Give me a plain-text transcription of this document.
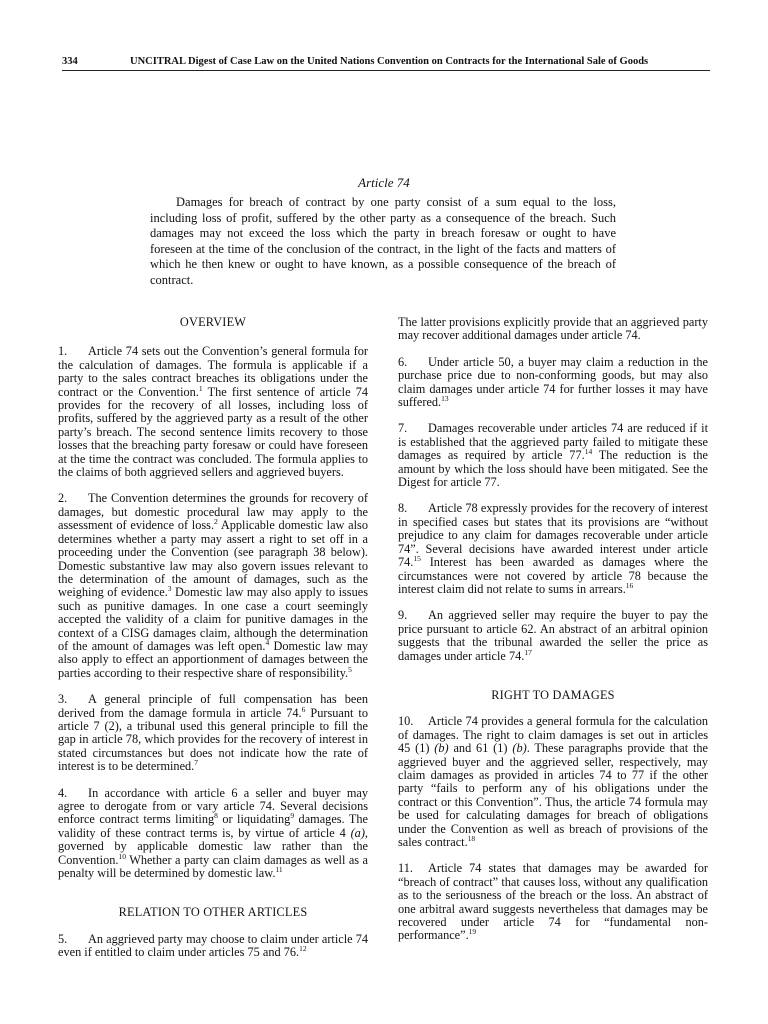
334	UNCITRAL Digest of Case Law on the United Nations Convention on Contracts for the International Sale of Goods
Article 74

Damages for breach of contract by one party consist of a sum equal to the loss, including loss of profit, suffered by the other party as a consequence of the breach. Such damages may not exceed the loss which the party in breach foresaw or ought to have foreseen at the time of the conclusion of the contract, in the light of the facts and matters of which he then knew or ought to have known, as a possible consequence of the breach of contract.

OVERVIEW

1. Article 74 sets out the Convention’s general formula for the calculation of damages. The formula is applicable if a party to the sales contract breaches its obligations under the contract or the Convention.$^1$ The first sentence of article 74 provides for the recovery of all losses, including loss of profits, suffered by the aggrieved party as a result of the other party’s breach. The second sentence limits recovery to those losses that the breaching party foresaw or could have foreseen at the time the contract was concluded. The formula applies to the claims of both aggrieved sellers and aggrieved buyers.

2. The Convention determines the grounds for recovery of damages, but domestic procedural law may apply to the assessment of evidence of loss.$^2$ Applicable domestic law also determines whether a party may assert a right to set off in a proceeding under the Convention (see paragraph 38 below). Domestic substantive law may also govern issues relevant to the determination of the amount of damages, such as the weighing of evidence.$^3$ Domestic law may also apply to issues such as punitive damages. In one case a court seemingly accepted the validity of a claim for punitive damages in the context of a CISG damages claim, although the determination of the amount of damages was left open.$^4$ Domestic law may also apply to effect an apportionment of damages between the parties according to their respective share of responsibility.$^5$

3. A general principle of full compensation has been derived from the damage formula in article 74.$^6$ Pursuant to article 7 (2), a tribunal used this general principle to fill the gap in article 78, which provides for the recovery of interest in stated circumstances but does not indicate how the rate of interest is to be determined.$^7$

4. In accordance with article 6 a seller and buyer may agree to derogate from or vary article 74. Several decisions enforce contract terms limiting$^8$ or liquidating$^9$ damages. The validity of these contract terms is, by virtue of article 4 (a), governed by applicable domestic law rather than the Convention.$^{10}$ Whether a party can claim damages as well as a penalty will be determined by domestic law.$^{11}$

RELATION TO OTHER ARTICLES

5. An aggrieved party may choose to claim under article 74 even if entitled to claim under articles 75 and 76.12

The latter provisions explicitly provide that an aggrieved party may recover additional damages under article 74.

6. Under article 50, a buyer may claim a reduction in the purchase price due to non-conforming goods, but may also claim damages under article 74 for further losses it may have suffered.$^{13}$

7. Damages recoverable under articles 74 are reduced if it is established that the aggrieved party failed to mitigate these damages as required by article 77.14 The reduction is the amount by which the loss should have been mitigated. See the Digest for article 77.

8. Article 78 expressly provides for the recovery of interest in specified cases but states that its provisions are “without prejudice to any claim for damages recoverable under article 74”. Several decisions have awarded interest under article 74.15 Interest has been awarded as damages where the circumstances were not covered by article 78 because the interest claim did not relate to sums in arrears.$^{16}$

9. An aggrieved seller may require the buyer to pay the price pursuant to article 62. An abstract of an arbitral opinion suggests that the tribunal awarded the seller the price as damages under article 74.17

RIGHT TO DAMAGES

10. Article 74 provides a general formula for the calculation of damages. The right to claim damages is set out in articles 45 (1) (b) and 61 (1) (b). These paragraphs provide that the aggrieved buyer and the aggrieved seller, respectively, may claim damages as provided in articles 74 to 77 if the other party “fails to perform any of his obligations under the contract or this Convention”. Thus, the article 74 formula may be used for calculating damages for breach of obligations under the Convention as well as breach of provisions of the sales contract.$^{18}$

11. Article 74 states that damages may be awarded for “breach of contract” that causes loss, without any qualification as to the seriousness of the breach or the loss. An abstract of one arbitral award suggests nevertheless that damages may be recovered under article 74 for “fundamental non-performance”.$^{19}$
